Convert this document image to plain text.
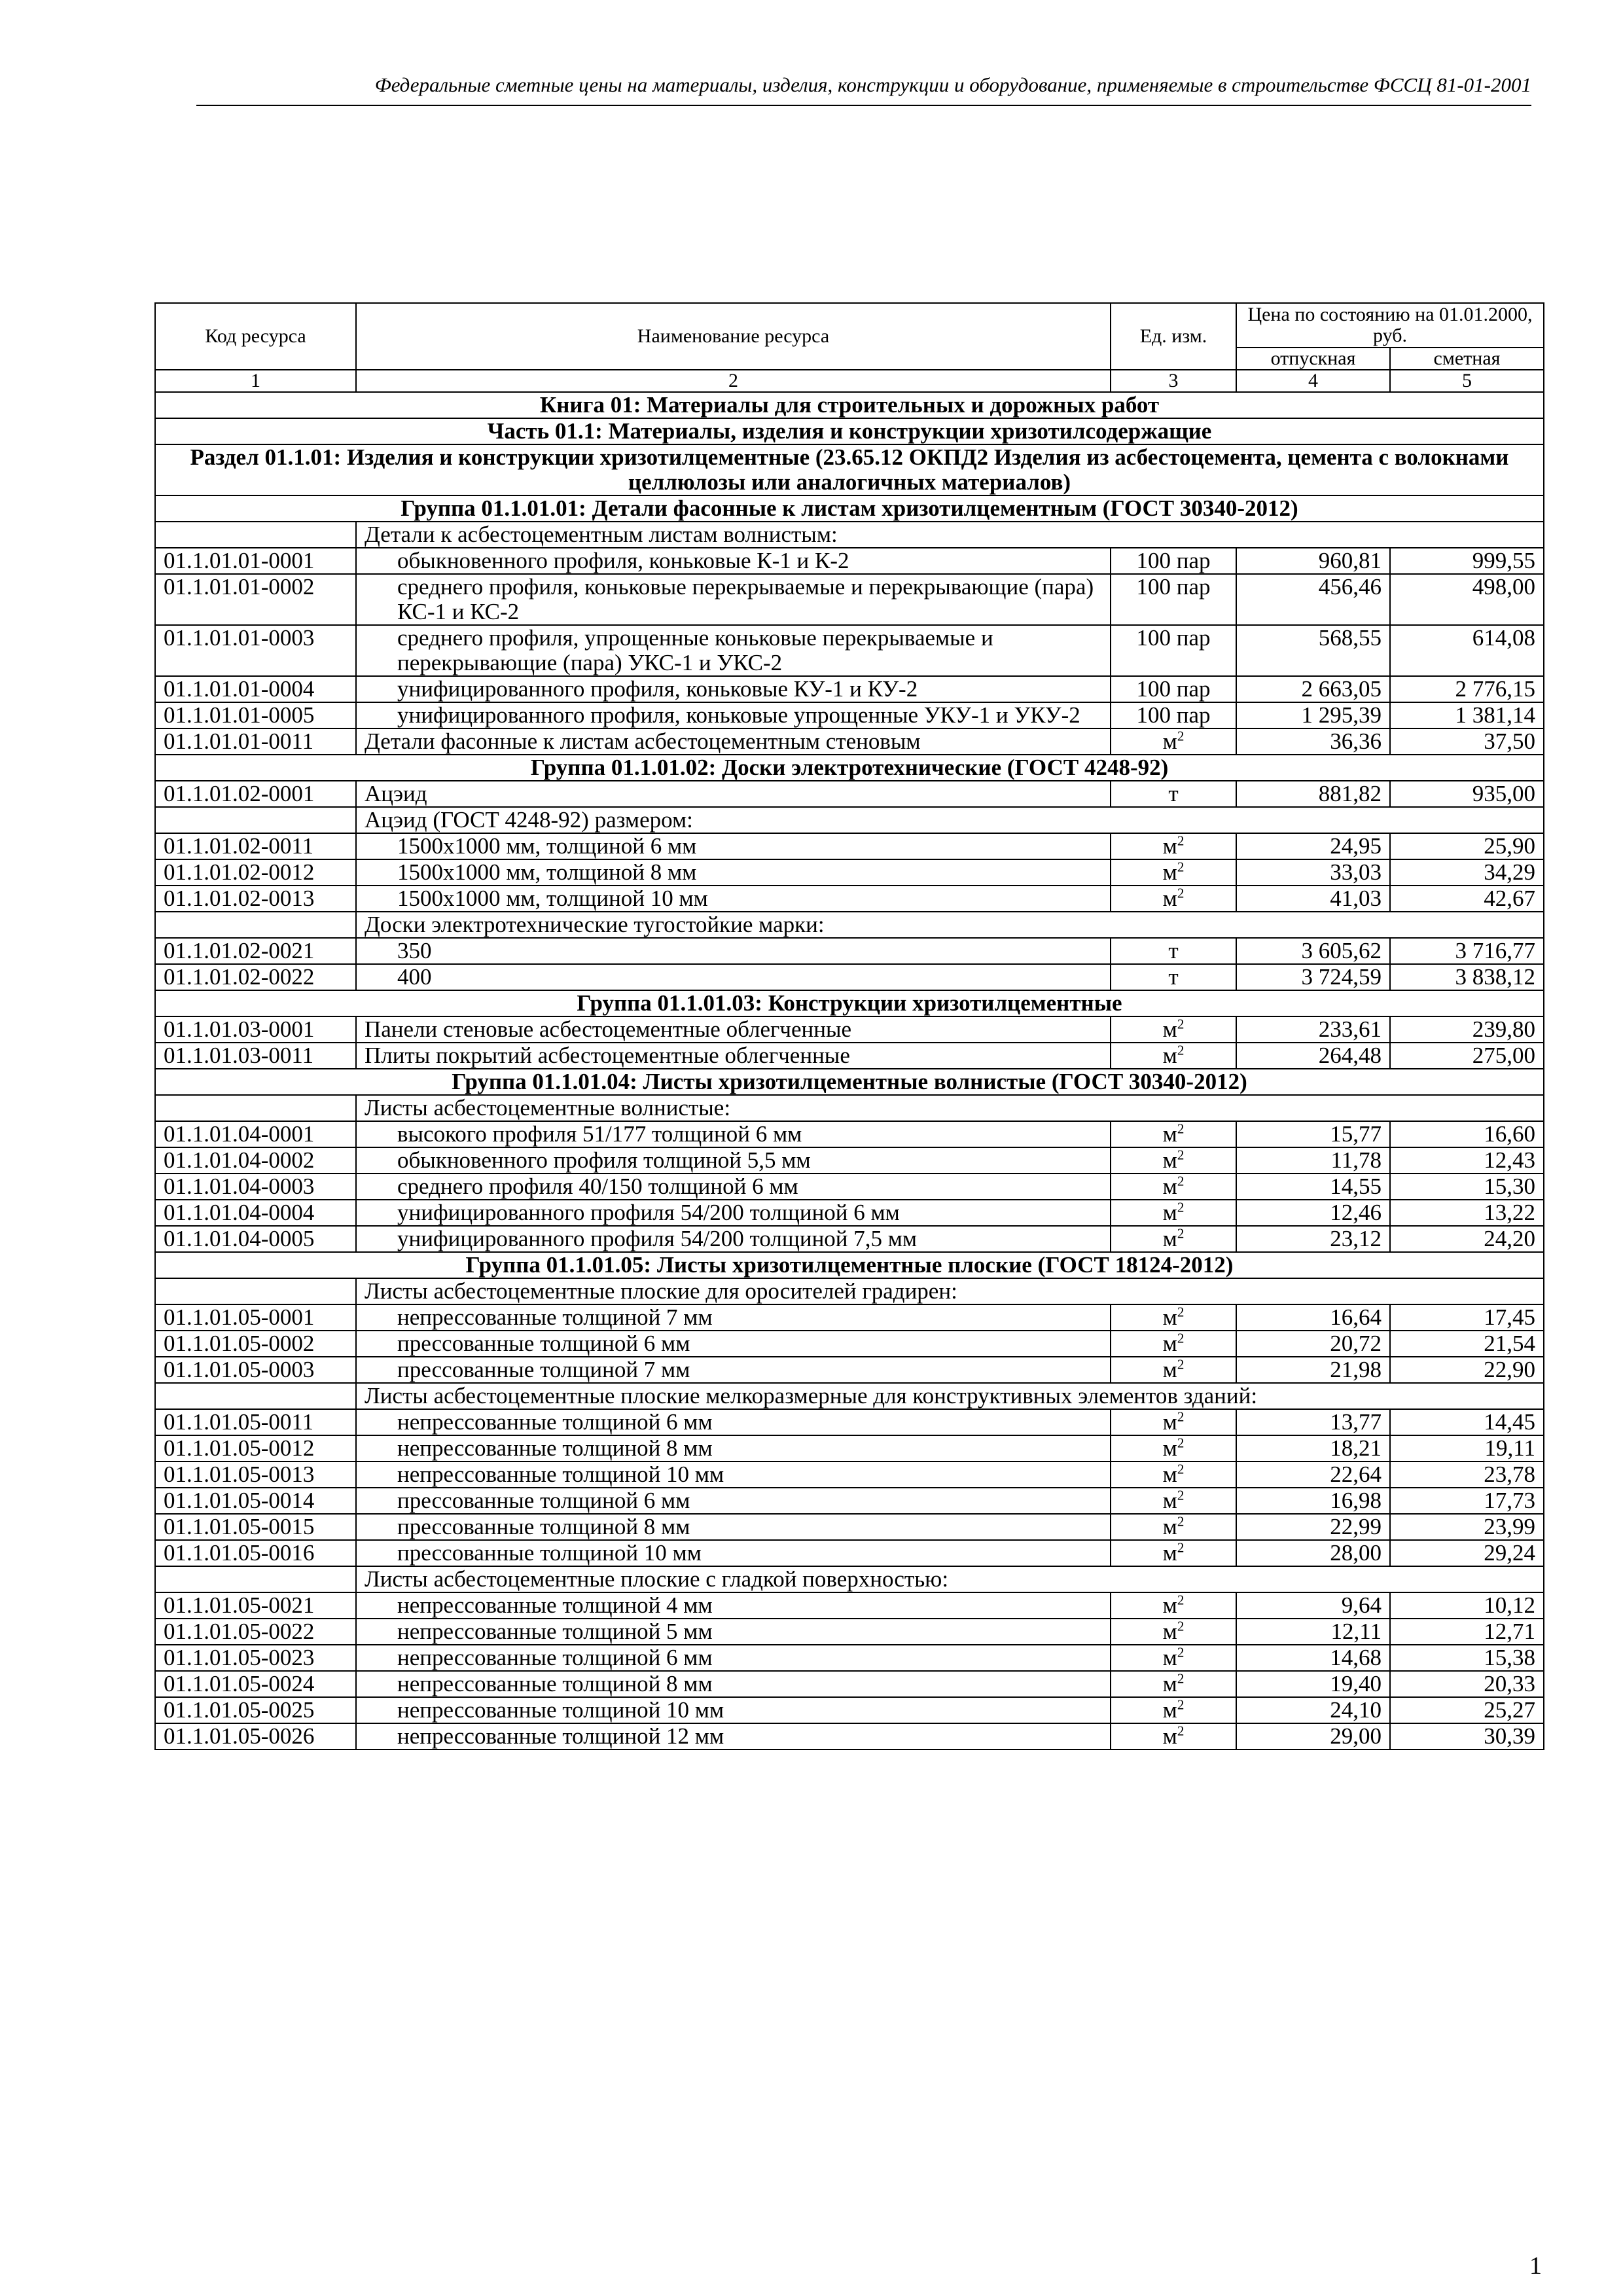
Федеральные сметные цены на материалы, изделия, конструкции и оборудование, применяемые в строительстве ФССЦ 81-01-2001
Код ресурса	Наименование ресурса	Ед. изм.	Цена по состоянию на 01.01.2000, руб.	
			отпускная	сметная
1	2	3	4	5
Книга 01: Материалы для строительных и дорожных работ				
Часть 01.1: Материалы, изделия и конструкции хризотилсодержащие				
Раздел 01.1.01: Изделия и конструкции хризотилцементные (23.65.12 ОКПД2 Изделия из асбестоцемента, цемента с волокнами целлюлозы или аналогичных материалов)				
Группа 01.1.01.01: Детали фасонные к листам хризотилцементным (ГОСТ 30340-2012)				
	Детали к асбестоцементным листам волнистым:			
01.1.01.01-0001	обыкновенного профиля, коньковые К-1 и К-2	100 пар	960,81	999,55
01.1.01.01-0002	среднего профиля, коньковые перекрываемые и перекрывающие (пара) КС-1 и КС-2	100 пар	456,46	498,00
01.1.01.01-0003	среднего профиля, упрощенные коньковые перекрываемые и перекрывающие (пара) УКС-1 и УКС-2	100 пар	568,55	614,08
01.1.01.01-0004	унифицированного профиля, коньковые КУ-1 и КУ-2	100 пар	2 663,05	2 776,15
01.1.01.01-0005	унифицированного профиля, коньковые упрощенные УКУ-1 и УКУ-2	100 пар	1 295,39	1 381,14
01.1.01.01-0011	Детали фасонные к листам асбестоцементным стеновым	$м^2$	36,36	37,50
Группа 01.1.01.02: Доски электротехнические (ГОСТ 4248-92)				
01.1.01.02-0001	Ацэид	т	881,82	935,00
	Ацэид (ГОСТ 4248-92) размером:			
01.1.01.02-0011	1500x1000 мм, толщиной 6 мм	$м^2$	24,95	25,90
01.1.01.02-0012	1500x1000 мм, толщиной 8 мм	$м^2$	33,03	34,29
01.1.01.02-0013	1500x1000 мм, толщиной 10 мм	$м^2$	41,03	42,67
	Доски электротехнические тугостойкие марки:			
01.1.01.02-0021	350	т	3 605,62	3 716,77
01.1.01.02-0022	400	т	3 724,59	3 838,12
Группа 01.1.01.03: Конструкции хризотилцементные				
01.1.01.03-0001	Панели стеновые асбестоцементные облегченные	$м^2$	233,61	239,80
01.1.01.03-0011	Плиты покрытий асбестоцементные облегченные	$м^2$	264,48	275,00
Группа 01.1.01.04: Листы хризотилцементные волнистые (ГОСТ 30340-2012)				
	Листы асбестоцементные волнистые:			
01.1.01.04-0001	высокого профиля 51/177 толщиной 6 мм	$м^2$	15,77	16,60
01.1.01.04-0002	обыкновенного профиля толщиной 5,5 мм	$м^2$	11,78	12,43
01.1.01.04-0003	среднего профиля 40/150 толщиной 6 мм	$м^2$	14,55	15,30
01.1.01.04-0004	унифицированного профиля 54/200 толщиной 6 мм	$м^2$	12,46	13,22
01.1.01.04-0005	унифицированного профиля 54/200 толщиной 7,5 мм	$м^2$	23,12	24,20
Группа 01.1.01.05: Листы хризотилцементные плоские (ГОСТ 18124-2012)				
	Листы асбестоцементные плоские для оросителей градирен:			
01.1.01.05-0001	непрессованные толщиной 7 мм	$м^2$	16,64	17,45
01.1.01.05-0002	прессованные толщиной 6 мм	$м^2$	20,72	21,54
01.1.01.05-0003	прессованные толщиной 7 мм	$м^2$	21,98	22,90
	Листы асбестоцементные плоские мелкоразмерные для конструктивных элементов зданий:			
01.1.01.05-0011	непрессованные толщиной 6 мм	$м^2$	13,77	14,45
01.1.01.05-0012	непрессованные толщиной 8 мм	$м^2$	18,21	19,11
01.1.01.05-0013	непрессованные толщиной 10 мм	$м^2$	22,64	23,78
01.1.01.05-0014	прессованные толщиной 6 мм	$м^2$	16,98	17,73
01.1.01.05-0015	прессованные толщиной 8 мм	$м^2$	22,99	23,99
01.1.01.05-0016	прессованные толщиной 10 мм	$м^2$	28,00	29,24
	Листы асбестоцементные плоские с гладкой поверхностью:			
01.1.01.05-0021	непрессованные толщиной 4 мм	$м^2$	9,64	10,12
01.1.01.05-0022	непрессованные толщиной 5 мм	$м^2$	12,11	12,71
01.1.01.05-0023	непрессованные толщиной 6 мм	$м^2$	14,68	15,38
01.1.01.05-0024	непрессованные толщиной 8 мм	$м^2$	19,40	20,33
01.1.01.05-0025	непрессованные толщиной 10 мм	$м^2$	24,10	25,27
01.1.01.05-0026	непрессованные толщиной 12 мм	$м^2$	29,00	30,39
1
